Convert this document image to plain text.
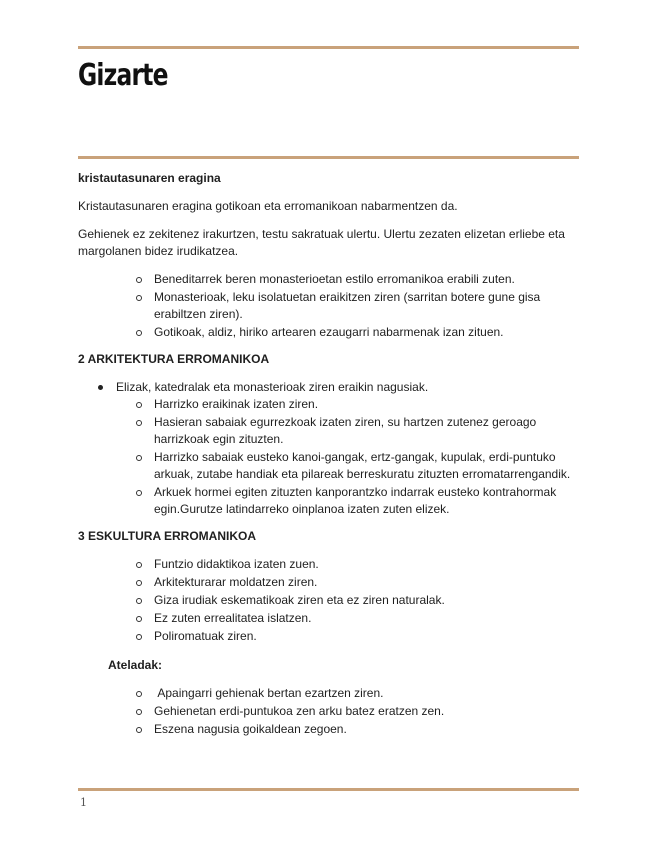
Gizarte
kristautasunaren eragina

Kristautasunaren eragina gotikoan eta erromanikoan nabarmentzen da.

Gehienek ez zekitenez irakurtzen, testu sakratuak ulertu. Ulertu zezaten elizetan erliebe eta margolanen bidez irudikatzea.

Beneditarrek beren monasterioetan estilo erromanikoa erabili zuten.
Monasterioak, leku isolatuetan eraikitzen ziren (sarritan botere gune gisa erabiltzen ziren).
Gotikoak, aldiz, hiriko artearen ezaugarri nabarmenak izan zituen.
2 ARKITEKTURA ERROMANIKOA
Elizak, katedralak eta monasterioak ziren eraikin nagusiak.
Harrizko eraikinak izaten ziren.
Hasieran sabaiak egurrezkoak izaten ziren, su hartzen zutenez geroago harrizkoak egin zituzten.
Harrizko sabaiak eusteko kanoi-gangak, ertz-gangak, kupulak, erdi-puntuko arkuak, zutabe handiak eta pilareak berreskuratu zituzten erromatarrengandik.
Arkuek hormei egiten zituzten kanporantzko indarrak eusteko kontrahormak egin.Gurutze latindarreko oinplanoa izaten zuten elizek.
3 ESKULTURA ERROMANIKOA
Funtzio didaktikoa izaten zuen.
Arkitekturarar moldatzen ziren.
Giza irudiak eskematikoak ziren eta ez ziren naturalak.
Ez zuten errealitatea islatzen.
Poliromatuak ziren.
Ateladak:
Apaingarri gehienak bertan ezartzen ziren.
Gehienetan erdi-puntukoa zen arku batez eratzen zen.
Eszena nagusia goikaldean zegoen.
1
